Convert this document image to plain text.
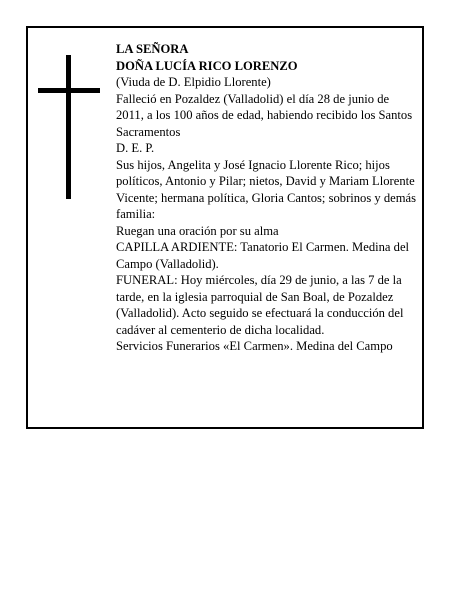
LA SEÑORA

DOÑA LUCÍA RICO LORENZO

(Viuda de D. Elpidio Llorente)

Falleció en Pozaldez (Valladolid) el día 28 de junio de 2011, a los 100 años de edad, habiendo recibido los Santos Sacramentos

D. E. P.

Sus hijos, Angelita y José Ignacio Llorente Rico; hijos políticos, Antonio y Pilar; nietos, David y Mariam Llorente Vicente; hermana política, Gloria Cantos; sobrinos y demás familia:

Ruegan una oración por su alma

CAPILLA ARDIENTE: Tanatorio El Carmen. Medina del Campo (Valladolid).

FUNERAL: Hoy miércoles, día 29 de junio, a las 7 de la tarde, en la iglesia parroquial de San Boal, de Pozaldez (Valladolid). Acto seguido se efectuará la conducción del cadáver al cementerio de dicha localidad.

Servicios Funerarios «El Carmen». Medina del Campo
